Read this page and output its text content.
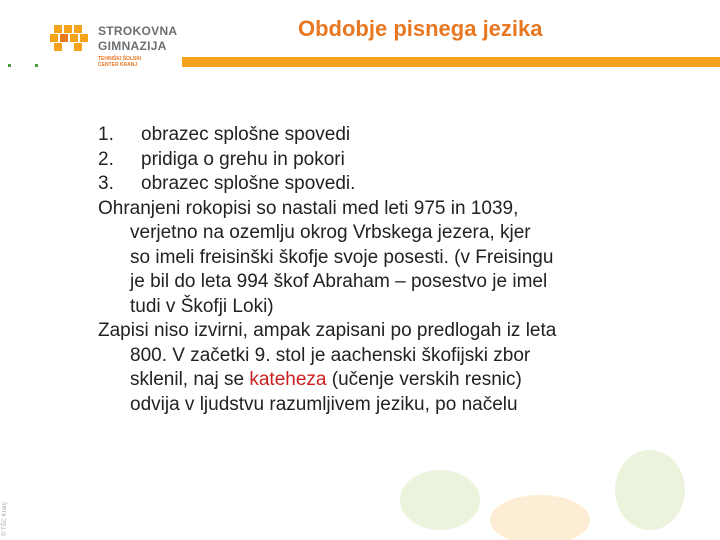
STROKOVNA
GIMNAZIJA
TEHNIŠKI ŠOLSKI
CENTER KRANJ
Obdobje pisnega jezika
© TŠC Kranj
1.	obrazec splošne spovedi
2.	pridiga o grehu in pokori
3.	obrazec splošne spovedi.
Ohranjeni rokopisi so nastali med leti 975 in 1039,
verjetno na ozemlju okrog Vrbskega jezera, kjer
so imeli freisinški škofje svoje posesti. (v Freisingu
je bil do leta 994 škof Abraham – posestvo je imel
tudi v Škofji Loki)
Zapisi niso izvirni, ampak zapisani po predlogah iz leta
800. V začetki 9. stol je aachenski škofijski zbor
sklenil, naj se kateheza (učenje verskih resnic)
odvija v ljudstvu razumljivem jeziku, po načelu
